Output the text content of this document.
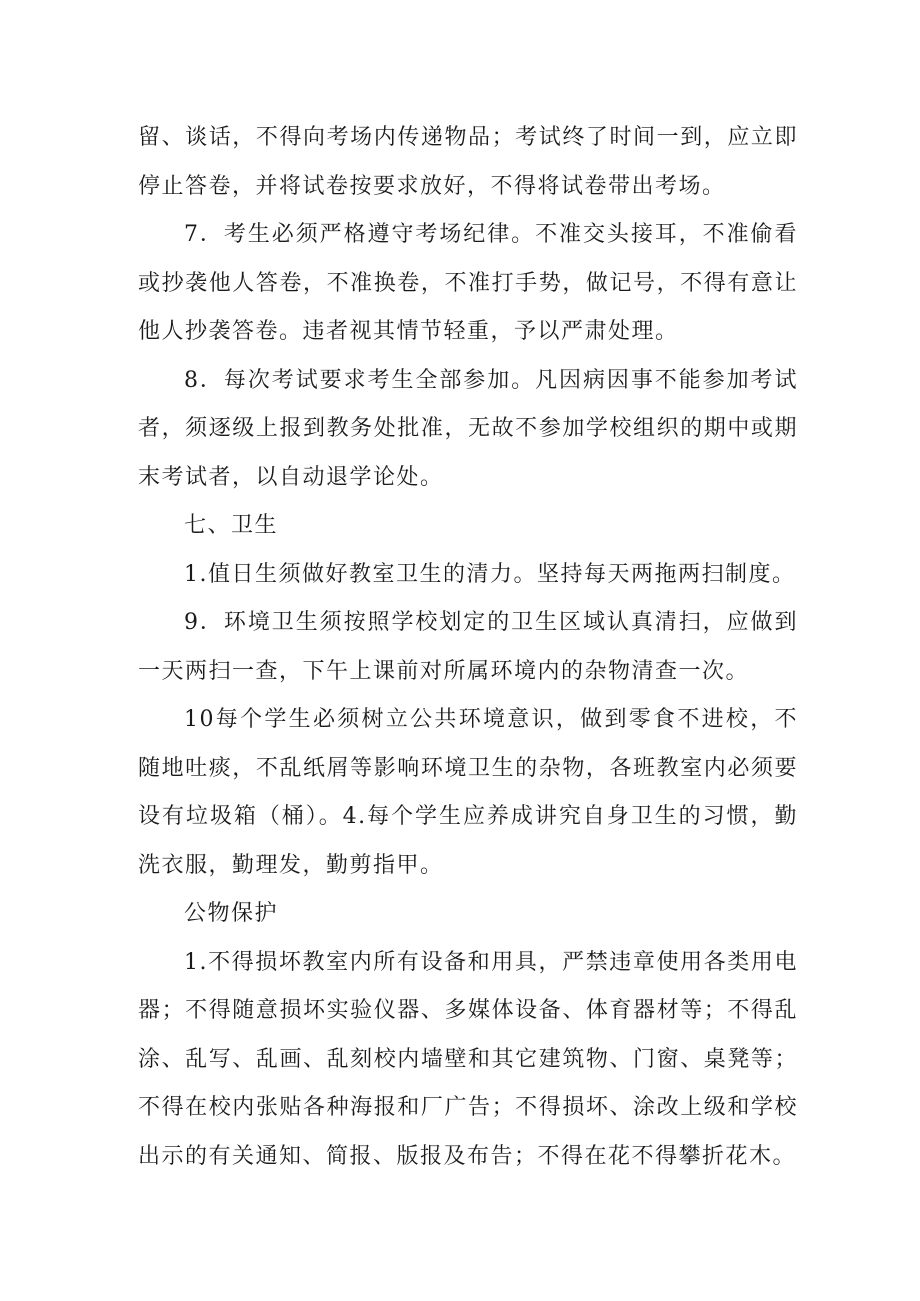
留、谈话，不得向考场内传递物品；考试终了时间一到，应立即停止答卷，并将试卷按要求放好，不得将试卷带出考场。

7．考生必须严格遵守考场纪律。不准交头接耳，不准偷看或抄袭他人答卷，不准换卷，不准打手势，做记号，不得有意让他人抄袭答卷。违者视其情节轻重，予以严肃处理。

8．每次考试要求考生全部参加。凡因病因事不能参加考试者，须逐级上报到教务处批准，无故不参加学校组织的期中或期末考试者，以自动退学论处。

七、卫生

1.值日生须做好教室卫生的清力。坚持每天两拖两扫制度。

9．环境卫生须按照学校划定的卫生区域认真清扫，应做到一天两扫一查，下午上课前对所属环境内的杂物清查一次。

10每个学生必须树立公共环境意识，做到零食不进校，不随地吐痰，不乱纸屑等影响环境卫生的杂物，各班教室内必须要设有垃圾箱（桶）。4.每个学生应养成讲究自身卫生的习惯，勤洗衣服，勤理发，勤剪指甲。

公物保护

1.不得损坏教室内所有设备和用具，严禁违章使用各类用电器；不得随意损坏实验仪器、多媒体设备、体育器材等；不得乱涂、乱写、乱画、乱刻校内墙壁和其它建筑物、门窗、桌凳等；不得在校内张贴各种海报和厂广告；不得损坏、涂改上级和学校出示的有关通知、简报、版报及布告；不得在花不得攀折花木。
